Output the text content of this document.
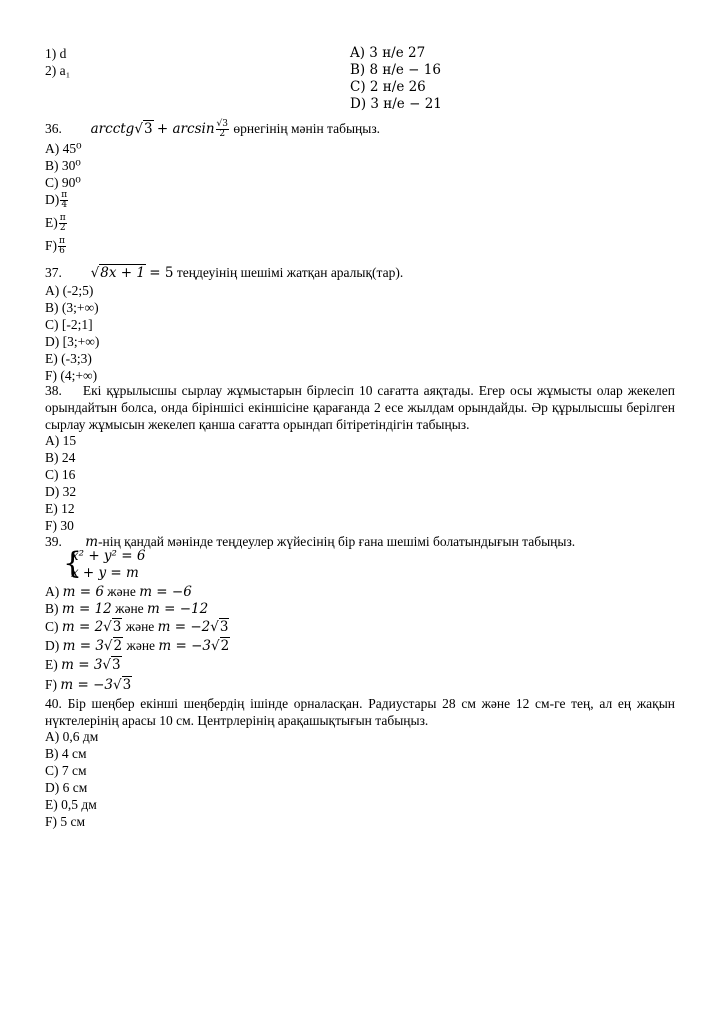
1) d
2) a₁
A) 3 н/е 27
B) 8 н/е − 16
C) 2 н/е 26
D) 3 н/е − 21
36. arcctg√3 + $\arcsin \frac{√3}{2}$ өрнегінің мәнін табыңыз.
A) 45⁰
B) 30⁰
C) 90⁰
$D) \frac{\pi}{4}$
$E) \frac{\pi}{2}$
$F) \frac{\pi}{6}$
37. √8x + 1 = 5 теңдеуінің шешімі жатқан аралық(тар).
A) (-2;5)
B) (3;+∞)
C) [-2;1]
D) [3;+∞)
E) (-3;3)
F) (4;+∞)
38. Екі құрылысшы сырлау жұмыстарын бірлесіп 10 сағатта аяқтады. Егер осы жұмысты олар жекелеп орындайтын болса, онда біріншісі екіншісіне қарағанда 2 есе жылдам орындайды. Әр құрылысшы берілген сырлау жұмысын жекелеп қанша сағатта орындап бітіретіндігін табыңыз.
A) 15
B) 24
C) 16
D) 32
E) 12
F) 30
39. m-нің қандай мәнінде теңдеулер жүйесінің бір ғана шешімі болатындығын табыңыз.
{
x² + y² = 6
x + y = m
A) m = 6 және m = −6
B) m = 12 және m = −12
C) m = 2√3 және m = −2√3
D) m = 3√2 және m = −3√2
E) m = 3√3
F) m = −3√3
40. Бір шеңбер екінші шеңбердің ішінде орналасқан. Радиустары 28 см және 12 см-ге тең, ал ең жақын нүктелерінің арасы 10 см. Центрлерінің арақашықтығын табыңыз.
A) 0,6 дм
B) 4 см
C) 7 см
D) 6 см
E) 0,5 дм
F) 5 см
